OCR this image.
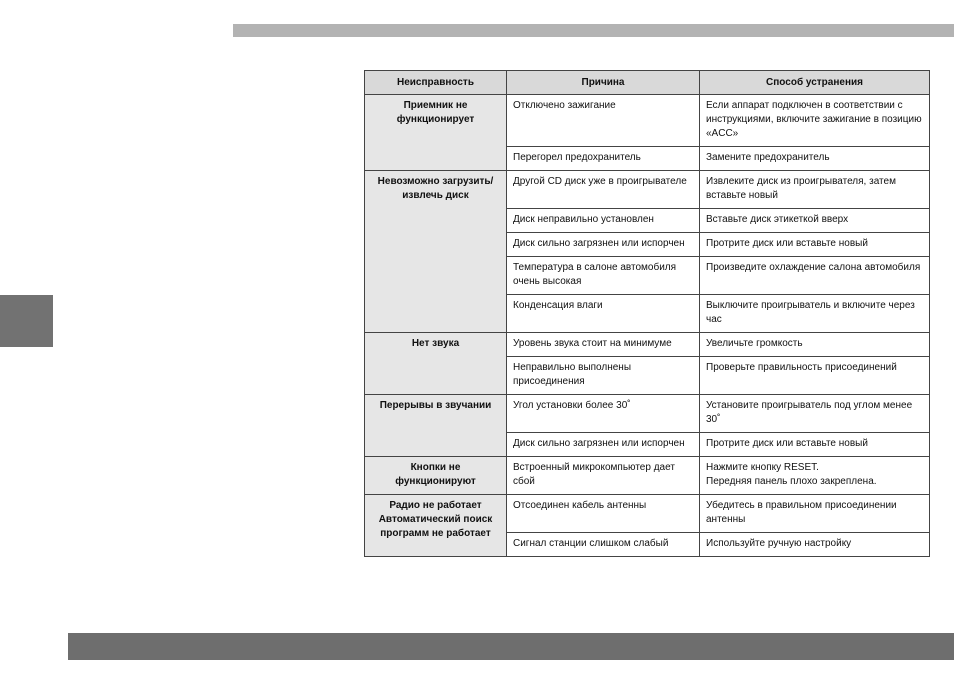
Неисправность	Причина	Способ устранения
Приемник не функционирует	Отключено зажигание	Если аппарат подключен в соответствии с инструкциями, включите зажигание в позицию «ACC»
	Перегорел предохранитель	Замените предохранитель
Невозможно загрузить/ извлечь диск	Другой CD диск уже в проигрывателе	Извлеките диск из проигрывателя, затем вставьте новый
	Диск неправильно установлен	Вставьте диск этикеткой вверх
	Диск сильно загрязнен или испорчен	Протрите диск или вставьте новый
	Температура в салоне автомобиля очень высокая	Произведите охлаждение салона автомобиля
	Конденсация влаги	Выключите проигрыватель и включите через час
Нет звука	Уровень звука стоит на минимуме	Увеличьте громкость
	Неправильно выполнены присоединения	Проверьте правильность присоединений
Перерывы в звучании	Угол установки более 30˚	Установите проигрыватель под углом менее 30˚
	Диск сильно загрязнен или испорчен	Протрите диск или вставьте новый
Кнопки не функционируют	Встроенный микрокомпьютер дает сбой	Нажмите кнопку RESET.
Передняя панель плохо закреплена.
Радио не работает Автоматический поиск программ не работает	Отсоединен кабель антенны	Убедитесь в правильном присоединении антенны
	Сигнал станции слишком слабый	Используйте ручную настройку
